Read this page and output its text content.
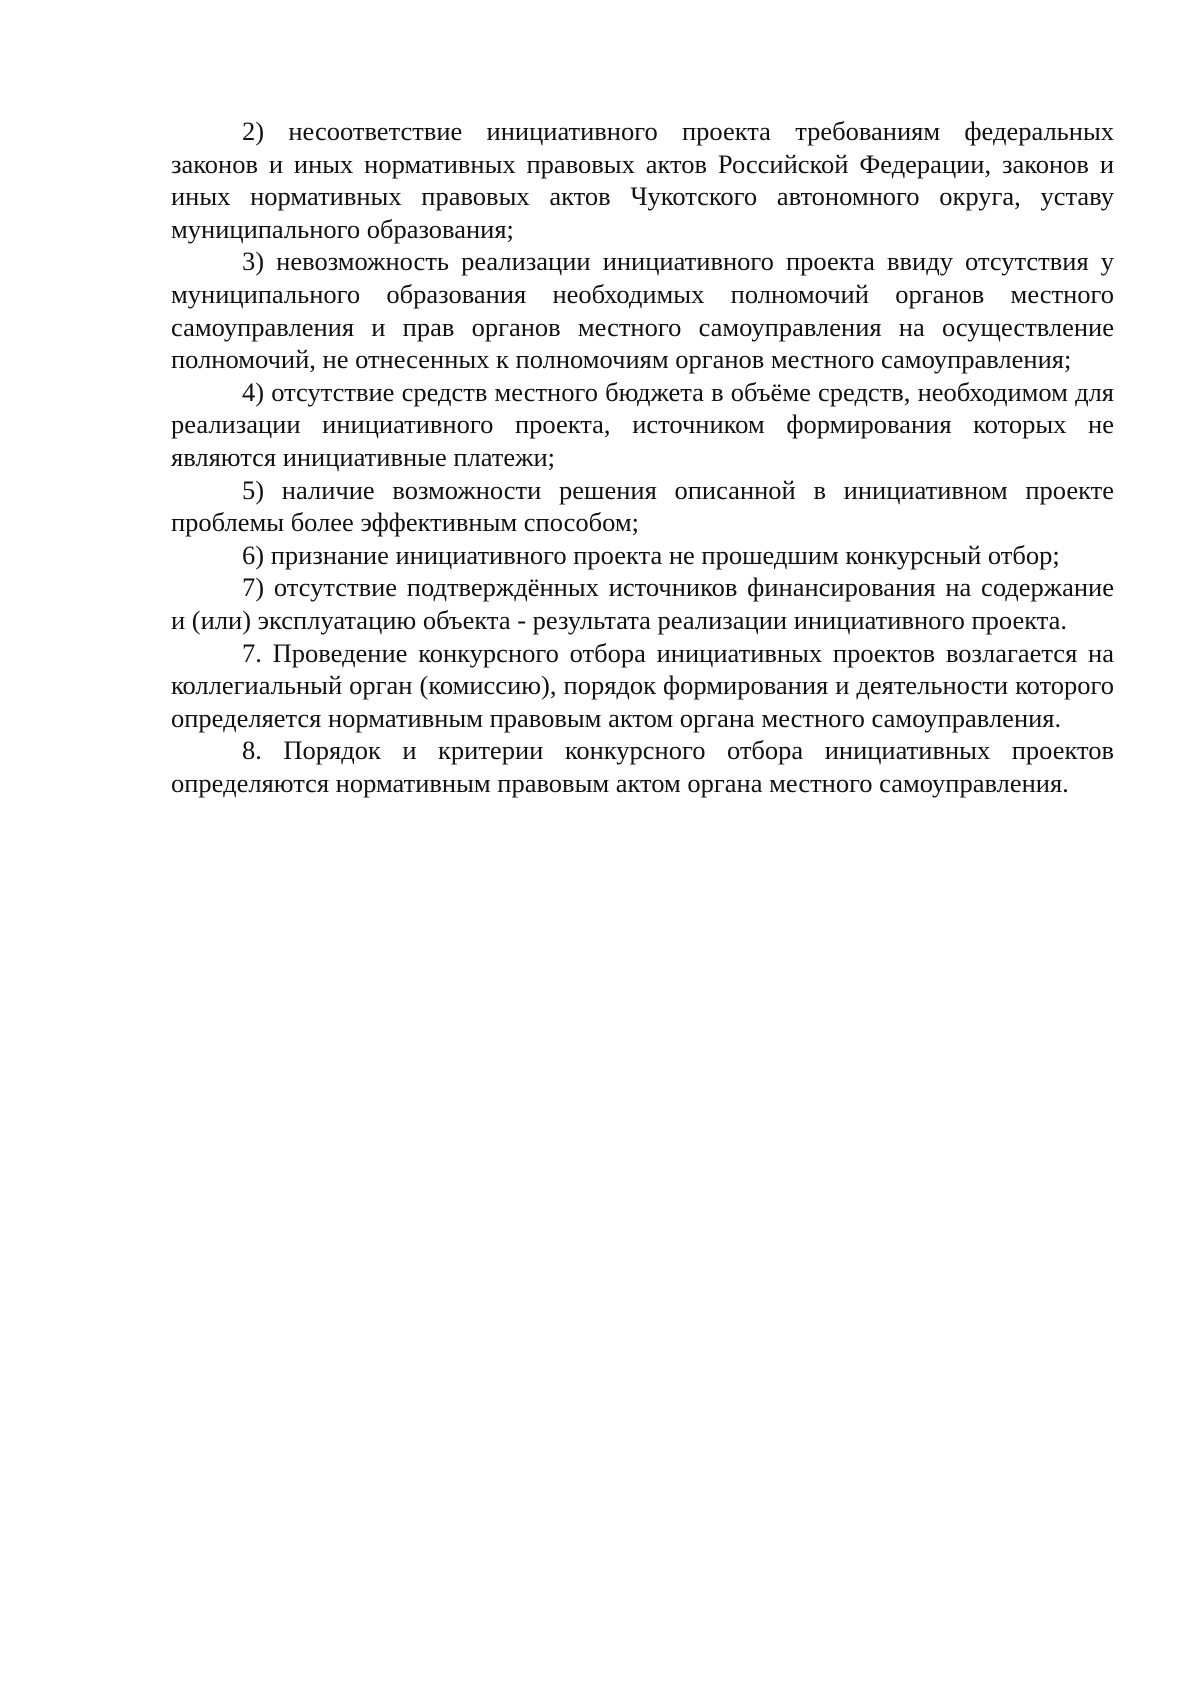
2) несоответствие инициативного проекта требованиям федеральных законов и иных нормативных правовых актов Российской Федерации, законов и иных нормативных правовых актов Чукотского автономного округа, уставу муниципального образования;

3) невозможность реализации инициативного проекта ввиду отсутствия у муниципального образования необходимых полномочий органов местного самоуправления и прав органов местного самоуправления на осуществление полномочий, не отнесенных к полномочиям органов местного самоуправления;

4) отсутствие средств местного бюджета в объёме средств, необходимом для реализации инициативного проекта, источником формирования которых не являются инициативные платежи;

5) наличие возможности решения описанной в инициативном проекте проблемы более эффективным способом;

6) признание инициативного проекта не прошедшим конкурсный отбор;

7) отсутствие подтверждённых источников финансирования на содержание и (или) эксплуатацию объекта - результата реализации инициативного проекта.

7. Проведение конкурсного отбора инициативных проектов возлагается на коллегиальный орган (комиссию), порядок формирования и деятельности которого определяется нормативным правовым актом органа местного самоуправления.

8. Порядок и критерии конкурсного отбора инициативных проектов определяются нормативным правовым актом органа местного самоуправления.
